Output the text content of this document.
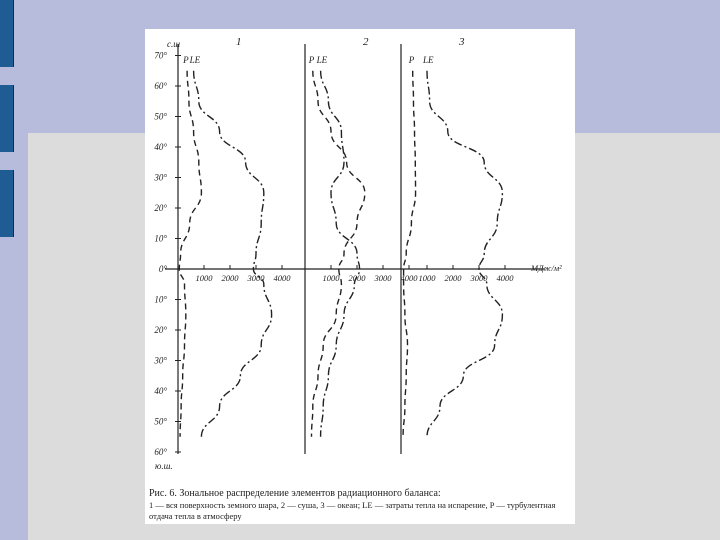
70°
60°
50°
40°
30°
20°
10°
0°
10°
20°
30°
40°
50°
60°
с.ш
ю.ш.
1000 2000 3000 4000	1000 2000 3000 4000 1000 2000 3000 4000
МДж/м²
1
P LE
2
P LE
3
P LE
Рис. 6. Зональное распределение элементов радиационного баланса:
1 — вся поверхность земного шара, 2 — суша, 3 — океан; LE — затраты тепла на испарение, P — турбулентная отдача тепла в атмосферу
